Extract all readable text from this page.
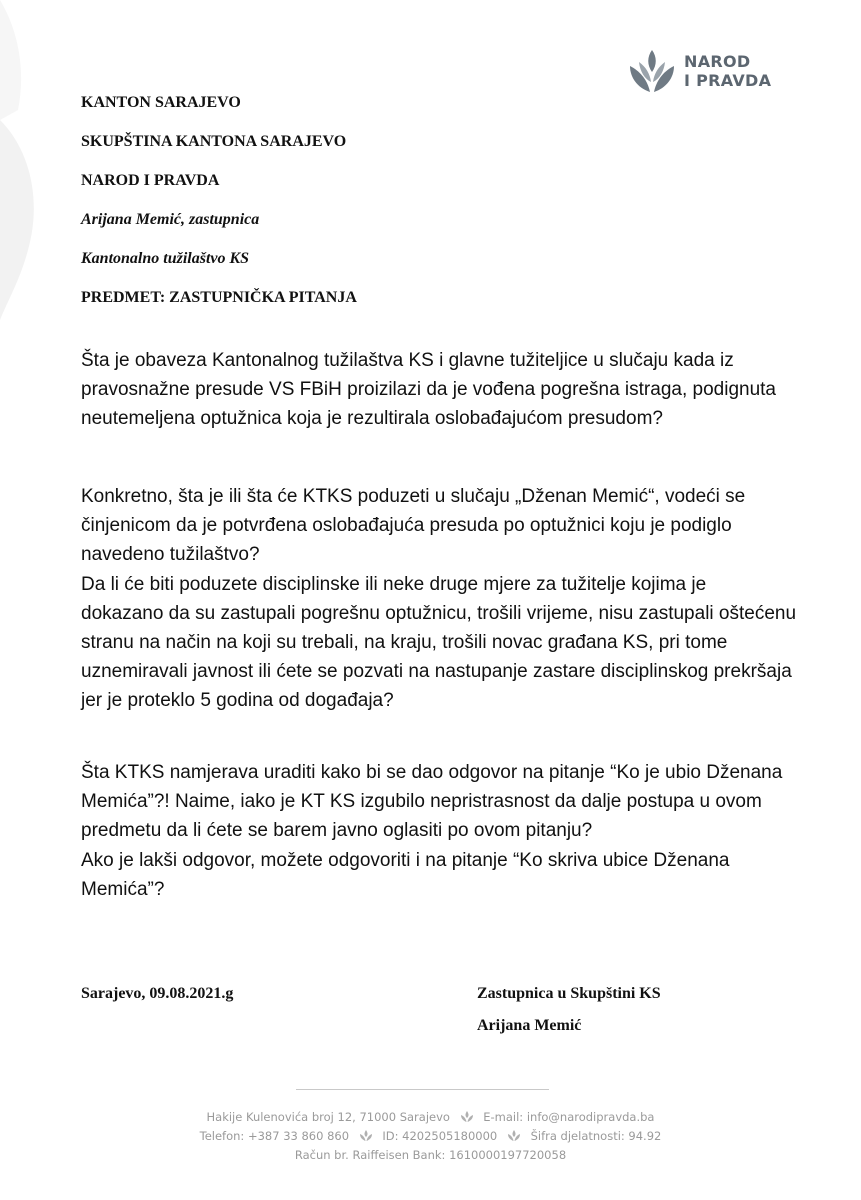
NAROD
I PRAVDA
KANTON SARAJEVO
SKUPŠTINA KANTONA SARAJEVO
NAROD I PRAVDA
Arijana Memić, zastupnica
Kantonalno tužilaštvo KS
PREDMET: ZASTUPNIČKA PITANJA
Šta je obaveza Kantonalnog tužilaštva KS i glavne tužiteljice u slučaju kada iz
pravosnažne presude VS FBiH proizilazi da je vođena pogrešna istraga, podignuta
neutemeljena optužnica koja je rezultirala oslobađajućom presudom?
Konkretno, šta je ili šta će KTKS poduzeti u slučaju „Dženan Memić“, vodeći se
činjenicom da je potvrđena oslobađajuća presuda po optužnici koju je podiglo
navedeno tužilaštvo?
Da li će biti poduzete disciplinske ili neke druge mjere za tužitelje kojima je
dokazano da su zastupali pogrešnu optužnicu, trošili vrijeme, nisu zastupali oštećenu
stranu na način na koji su trebali, na kraju, trošili novac građana KS, pri tome
uznemiravali javnost ili ćete se pozvati na nastupanje zastare disciplinskog prekršaja
jer je proteklo 5 godina od događaja?
Šta KTKS namjerava uraditi kako bi se dao odgovor na pitanje “Ko je ubio Dženana
Memića”?! Naime, iako je KT KS izgubilo nepristrasnost da dalje postupa u ovom
predmetu da li ćete se barem javno oglasiti po ovom pitanju?
Ako je lakši odgovor, možete odgovoriti i na pitanje “Ko skriva ubice Dženana
Memića”?
Sarajevo, 09.08.2021.g	Zastupnica u Skupštini KS
Arijana Memić
Hakije Kulenovića broj 12, 71000 Sarajevo	E-mail: info@narodipravda.ba
Telefon: +387 33 860 860	ID: 4202505180000	Šifra djelatnosti: 94.92
Račun br. Raiffeisen Bank: 1610000197720058
